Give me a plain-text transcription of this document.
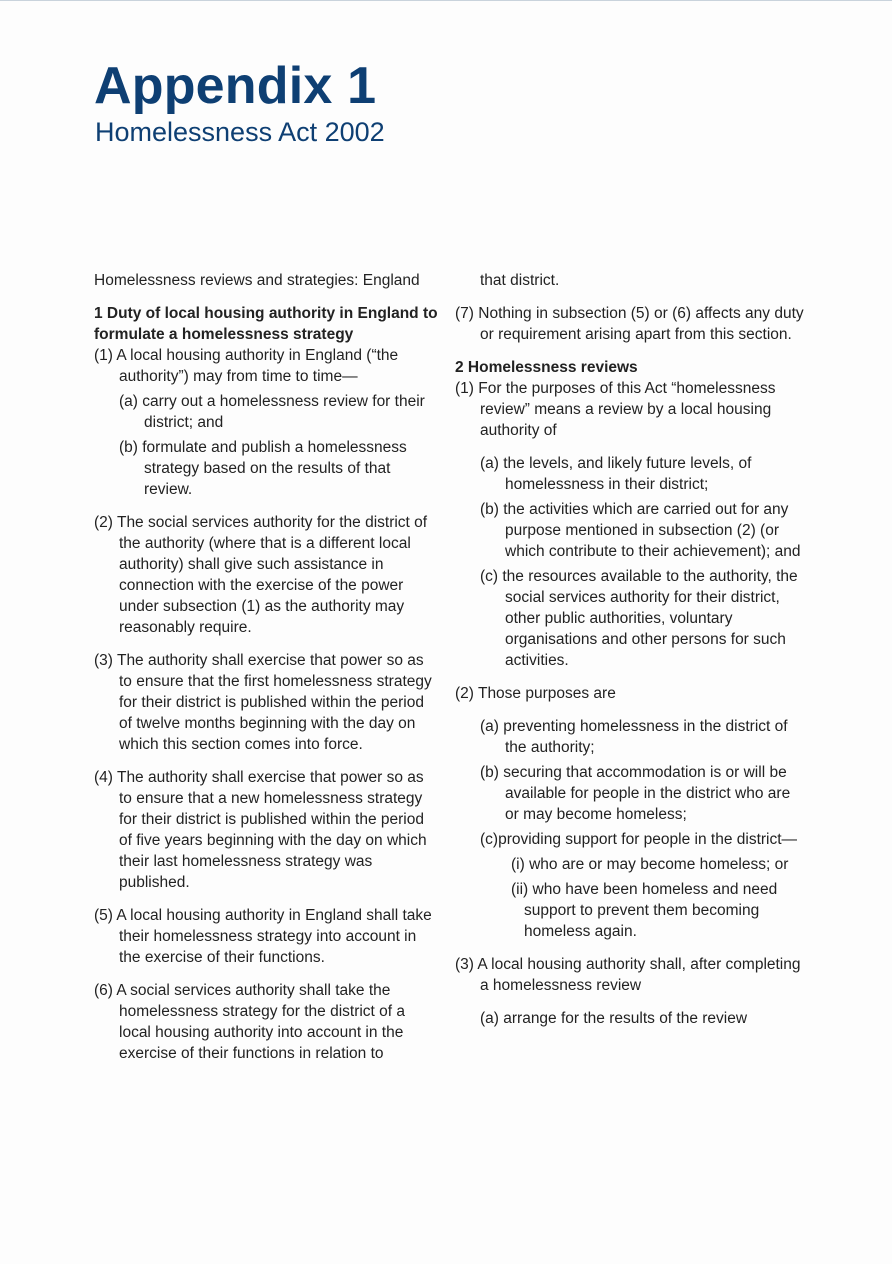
Appendix 1
Homelessness Act 2002

Homelessness reviews and strategies: England

1 Duty of local housing authority in England to formulate a homelessness strategy

(1) A local housing authority in England (“the authority”) may from time to time—

(a) carry out a homelessness review for their district; and

(b) formulate and publish a homelessness strategy based on the results of that review.

(2) The social services authority for the district of the authority (where that is a different local authority) shall give such assistance in connection with the exercise of the power under subsection (1) as the authority may reasonably require.

(3) The authority shall exercise that power so as to ensure that the first homelessness strategy for their district is published within the period of twelve months beginning with the day on which this section comes into force.

(4) The authority shall exercise that power so as to ensure that a new homelessness strategy for their district is published within the period of five years beginning with the day on which their last homelessness strategy was published.

(5) A local housing authority in England shall take their homelessness strategy into account in the exercise of their functions.

(6) A social services authority shall take the homelessness strategy for the district of a local housing authority into account in the exercise of their functions in relation to

that district.

(7) Nothing in subsection (5) or (6) affects any duty or requirement arising apart from this section.

2 Homelessness reviews

(1) For the purposes of this Act “homelessness review” means a review by a local housing authority of

(a) the levels, and likely future levels, of homelessness in their district;

(b) the activities which are carried out for any purpose mentioned in subsection (2) (or which contribute to their achievement); and

(c) the resources available to the authority, the social services authority for their district, other public authorities, voluntary organisations and other persons for such activities.

(2) Those purposes are

(a) preventing homelessness in the district of the authority;

(b) securing that accommodation is or will be available for people in the district who are or may become homeless;

(c)providing support for people in the district—

(i) who are or may become homeless; or

(ii) who have been homeless and need support to prevent them becoming homeless again.

(3) A local housing authority shall, after completing a homelessness review

(a) arrange for the results of the review
